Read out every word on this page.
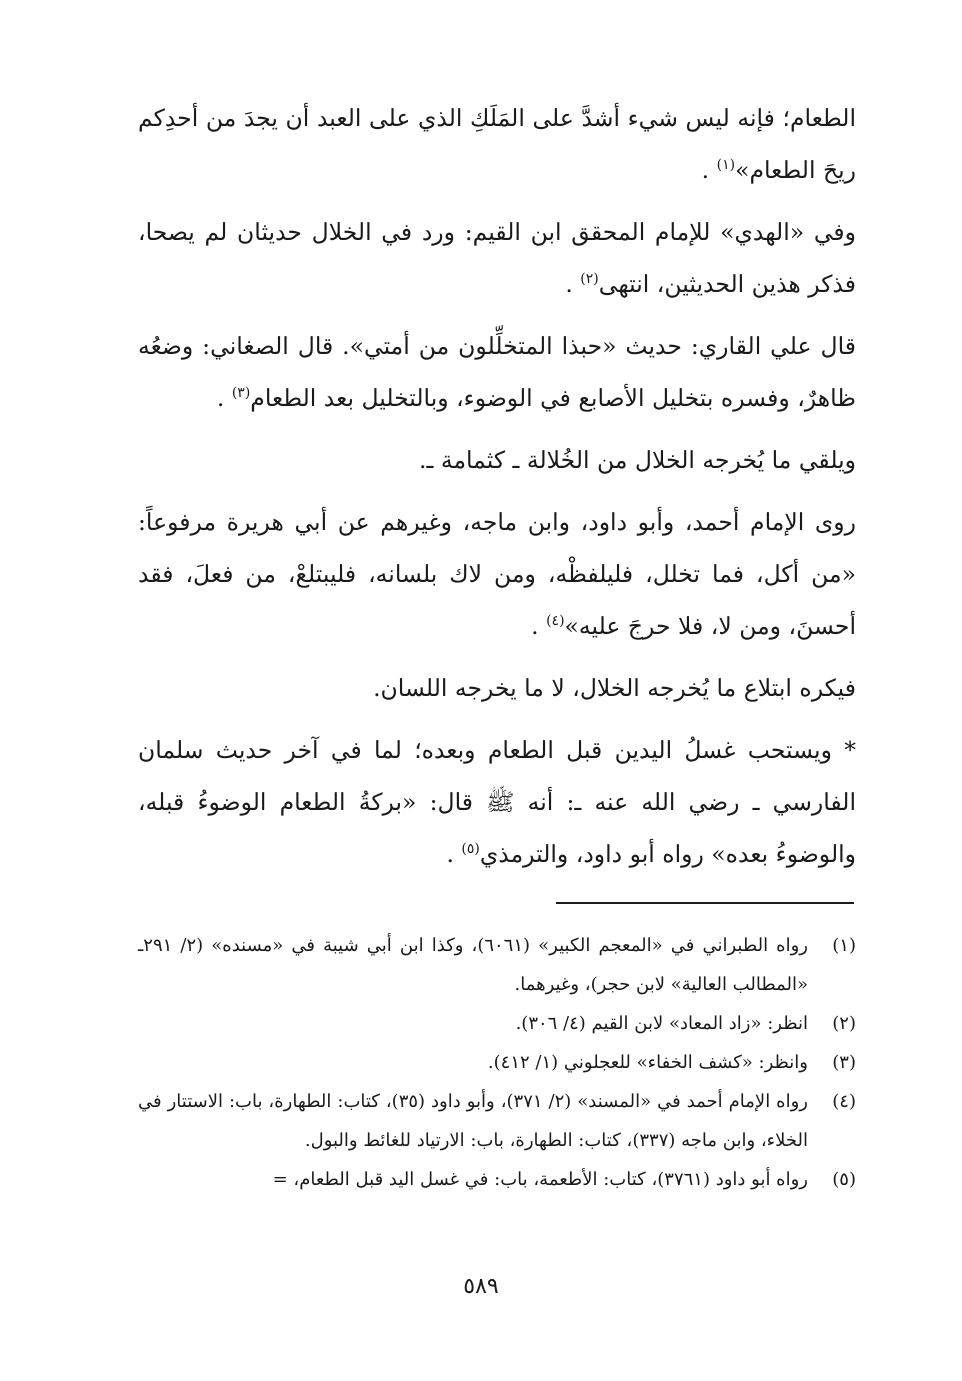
الطعام؛ فإنه ليس شيء أشدَّ على المَلَكِ الذي على العبد أن يجدَ من أحدِكم ريحَ الطعام»$^{(١)}$ .

وفي «الهدي» للإمام المحقق ابن القيم: ورد في الخلال حديثان لم يصحا، فذكر هذين الحديثين، انتهى$^{(٢)}$ .

قال علي القاري: حديث «حبذا المتخلِّلون من أمتي». قال الصغاني: وضعُه ظاهرٌ، وفسره بتخليل الأصابع في الوضوء، وبالتخليل بعد الطعام$^{(٣)}$ .

ويلقي ما يُخرجه الخلال من الخُلالة ـ كثمامة ـ.

روى الإمام أحمد، وأبو داود، وابن ماجه، وغيرهم عن أبي هريرة مرفوعاً: «من أكل، فما تخلل، فليلفظْه، ومن لاك بلسانه، فليبتلعْ، من فعلَ، فقد أحسنَ، ومن لا، فلا حرجَ عليه»$^{(٤)}$ .

فيكره ابتلاع ما يُخرجه الخلال، لا ما يخرجه اللسان.

* ويستحب غسلُ اليدين قبل الطعام وبعده؛ لما في آخر حديث سلمان الفارسي ـ رضي الله عنه ـ: أنه ﷺ قال: «بركةُ الطعام الوضوءُ قبله، والوضوءُ بعده» رواه أبو داود، والترمذي$^{(٥)}$ .

(١)
رواه الطبراني في «المعجم الكبير» (٦٠٦١)، وكذا ابن أبي شيبة في «مسنده» (٢/ ٢٩١ـ «المطالب العالية» لابن حجر)، وغيرهما.
(٢)
انظر: «زاد المعاد» لابن القيم (٤/ ٣٠٦).
(٣)
وانظر: «كشف الخفاء» للعجلوني (١/ ٤١٢).
(٤)
رواه الإمام أحمد في «المسند» (٢/ ٣٧١)، وأبو داود (٣٥)، كتاب: الطهارة، باب: الاستتار في الخلاء، وابن ماجه (٣٣٧)، كتاب: الطهارة، باب: الارتياد للغائط والبول.
(٥)
رواه أبو داود (٣٧٦١)، كتاب: الأطعمة، باب: في غسل اليد قبل الطعام، =
٥٨٩
